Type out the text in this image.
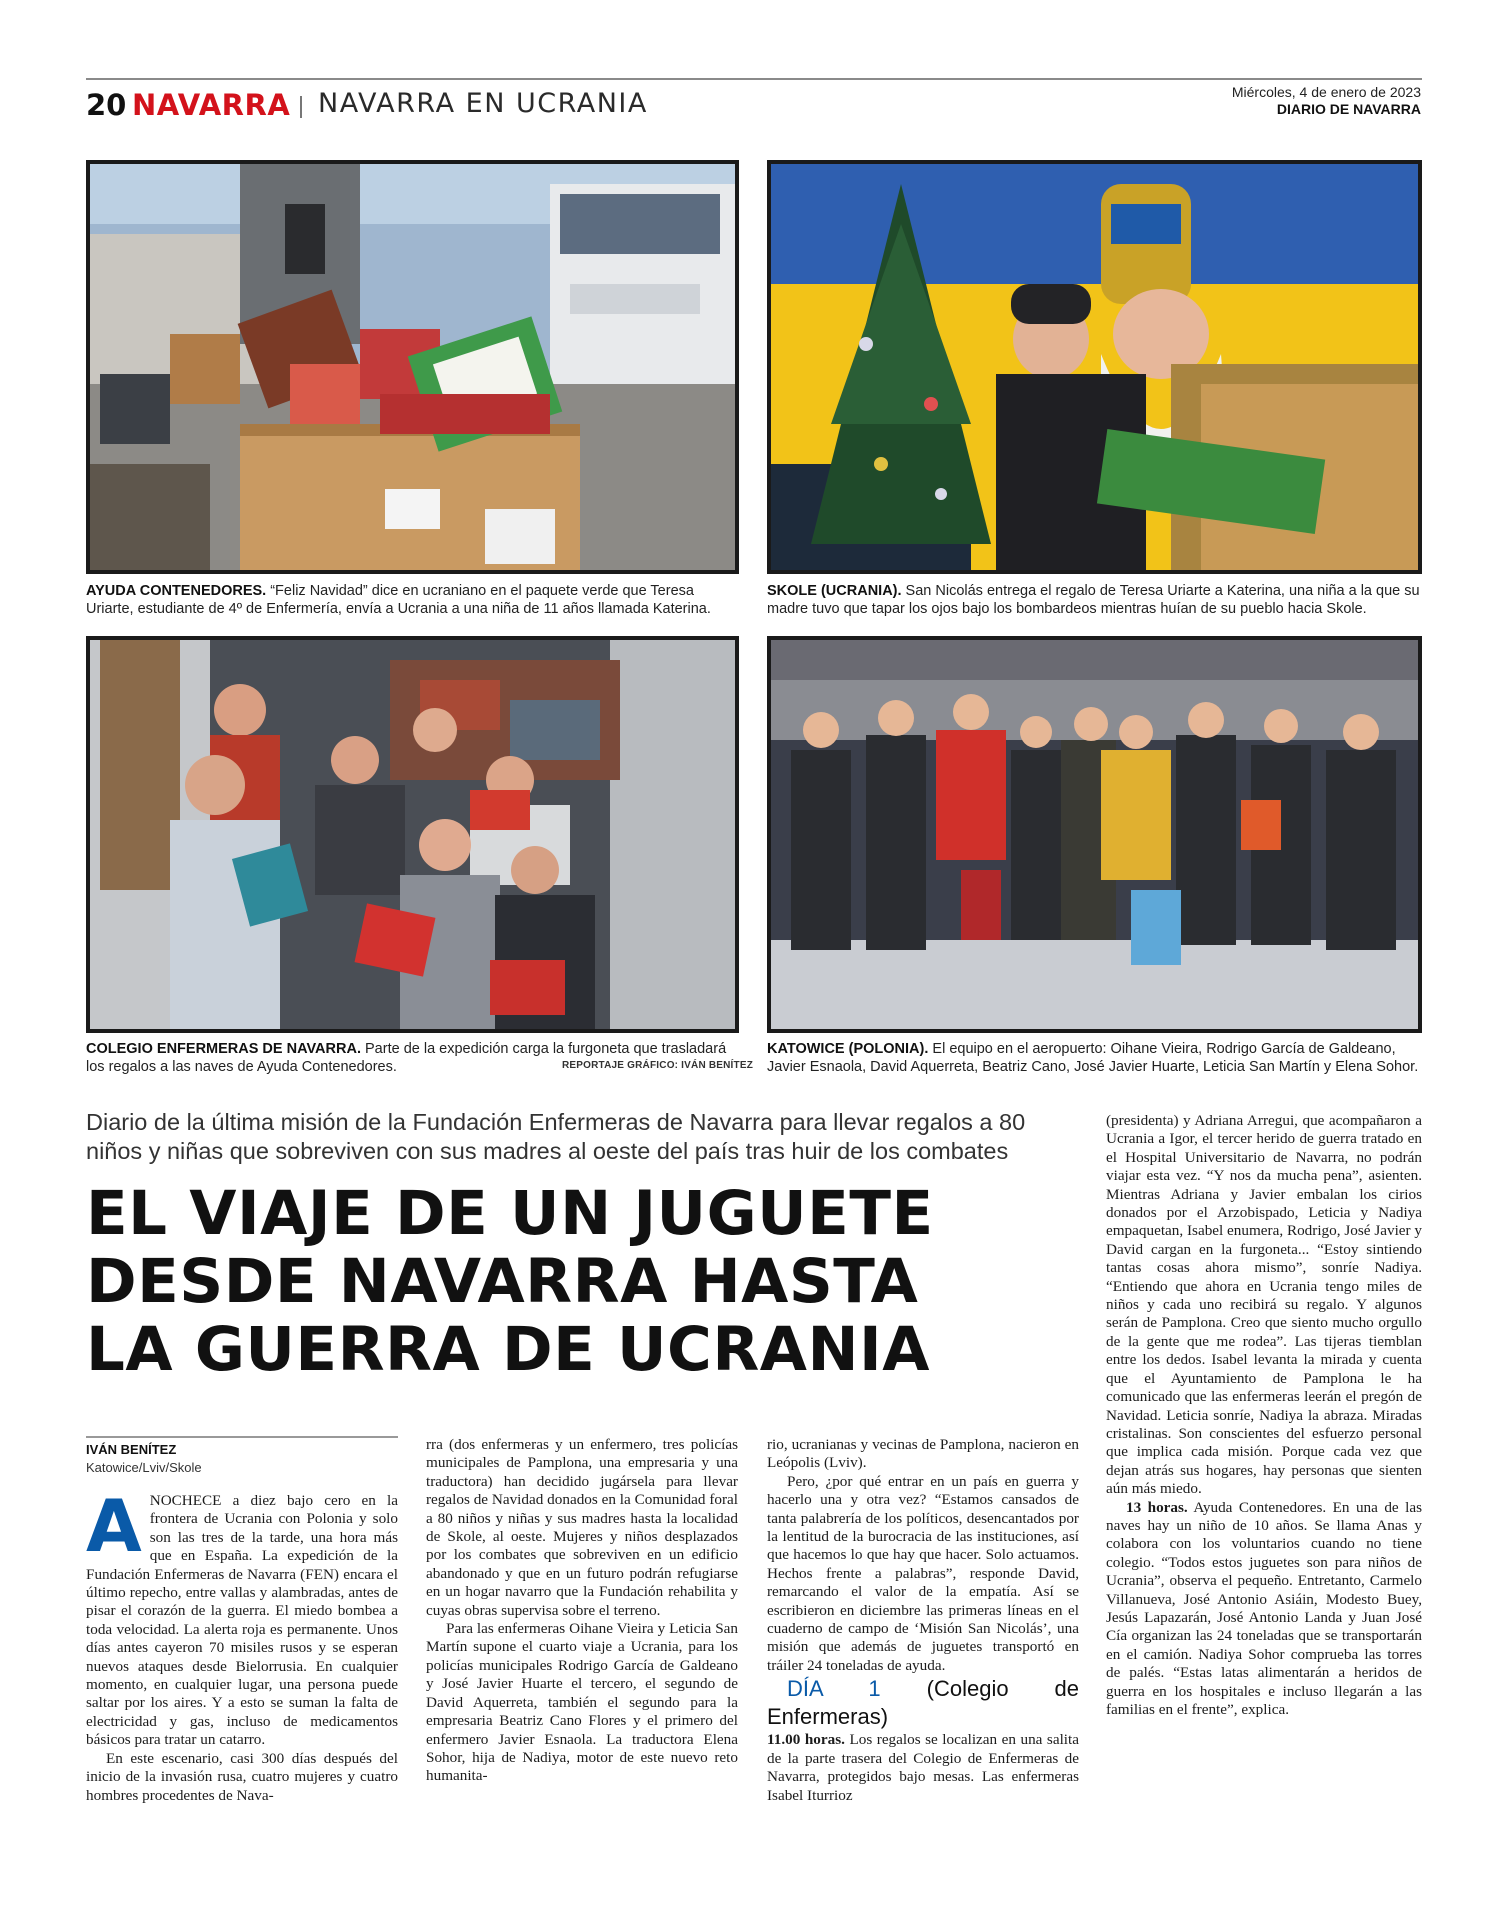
20 NAVARRA NAVARRA EN UCRANIA	Miércoles, 4 de enero de 2023
DIARIO DE NAVARRA
AYUDA CONTENEDORES. “Feliz Navidad” dice en ucraniano en el paquete verde que Teresa Uriarte, estudiante de 4º de Enfermería, envía a Ucrania a una niña de 11 años llamada Katerina.
SKOLE (UCRANIA). San Nicolás entrega el regalo de Teresa Uriarte a Katerina, una niña a la que su madre tuvo que tapar los ojos bajo los bombardeos mientras huían de su pueblo hacia Skole.
COLEGIO ENFERMERAS DE NAVARRA. Parte de la expedición carga la furgoneta que trasladará los regalos a las naves de Ayuda Contenedores.	REPORTAJE GRÁFICO: IVÁN BENÍTEZ
KATOWICE (POLONIA). El equipo en el aeropuerto: Oihane Vieira, Rodrigo García de Galdeano, Javier Esnaola, David Aquerreta, Beatriz Cano, José Javier Huarte, Leticia San Martín y Elena Sohor.
Diario de la última misión de la Fundación Enfermeras de Navarra para llevar regalos a 80 niños y niñas que sobreviven con sus madres al oeste del país tras huir de los combates
EL VIAJE DE UN JUGUETE
DESDE NAVARRA HASTA
LA GUERRA DE UCRANIA
IVÁN BENÍTEZ
Katowice/Lviv/Skole
A NOCHECE a diez bajo cero en la frontera de Ucrania con Polonia y solo son las tres de la tarde, una hora más que en España. La expedición de la Fundación Enfermeras de Navarra (FEN) encara el último repecho, entre vallas y alambradas, antes de pisar el corazón de la guerra. El miedo bombea a toda velocidad. La alerta roja es permanente. Unos días antes cayeron 70 misiles rusos y se esperan nuevos ataques desde Bielorrusia. En cualquier momento, en cualquier lugar, una persona puede saltar por los aires. Y a esto se suman la falta de electricidad y gas, incluso de medicamentos básicos para tratar un catarro.

En este escenario, casi 300 días después del inicio de la invasión rusa, cuatro mujeres y cuatro hombres procedentes de Nava-

rra (dos enfermeras y un enfermero, tres policías municipales de Pamplona, una empresaria y una traductora) han decidido jugársela para llevar regalos de Navidad donados en la Comunidad foral a 80 niños y niñas y sus madres hasta la localidad de Skole, al oeste. Mujeres y niños desplazados por los combates que sobreviven en un edificio abandonado y que en un futuro podrán refugiarse en un hogar navarro que la Fundación rehabilita y cuyas obras supervisa sobre el terreno.

Para las enfermeras Oihane Vieira y Leticia San Martín supone el cuarto viaje a Ucrania, para los policías municipales Rodrigo García de Galdeano y José Javier Huarte el tercero, el segundo de David Aquerreta, también el segundo para la empresaria Beatriz Cano Flores y el primero del enfermero Javier Esnaola. La traductora Elena Sohor, hija de Nadiya, motor de este nuevo reto humanita-

rio, ucranianas y vecinas de Pamplona, nacieron en Leópolis (Lviv).

Pero, ¿por qué entrar en un país en guerra y hacerlo una y otra vez? “Estamos cansados de tanta palabrería de los políticos, desencantados por la lentitud de la burocracia de las instituciones, así que hacemos lo que hay que hacer. Solo actuamos. Hechos frente a palabras”, responde David, remarcando el valor de la empatía. Así se escribieron en diciembre las primeras líneas en el cuaderno de campo de ‘Misión San Nicolás’, una misión que además de juguetes transportó en tráiler 24 toneladas de ayuda.

DÍA 1 (Colegio de Enfermeras)

11.00 horas. Los regalos se localizan en una salita de la parte trasera del Colegio de Enfermeras de Navarra, protegidos bajo mesas. Las enfermeras Isabel Iturrioz

(presidenta) y Adriana Arregui, que acompañaron a Ucrania a Igor, el tercer herido de guerra tratado en el Hospital Universitario de Navarra, no podrán viajar esta vez. “Y nos da mucha pena”, asienten. Mientras Adriana y Javier embalan los cirios donados por el Arzobispado, Leticia y Nadiya empaquetan, Isabel enumera, Rodrigo, José Javier y David cargan en la furgoneta... “Estoy sintiendo tantas cosas ahora mismo”, sonríe Nadiya. “Entiendo que ahora en Ucrania tengo miles de niños y cada uno recibirá su regalo. Y algunos serán de Pamplona. Creo que siento mucho orgullo de la gente que me rodea”. Las tijeras tiemblan entre los dedos. Isabel levanta la mirada y cuenta que el Ayuntamiento de Pamplona le ha comunicado que las enfermeras leerán el pregón de Navidad. Leticia sonríe, Nadiya la abraza. Miradas cristalinas. Son conscientes del esfuerzo personal que implica cada misión. Porque cada vez que dejan atrás sus hogares, hay personas que sienten aún más miedo.

13 horas. Ayuda Contenedores. En una de las naves hay un niño de 10 años. Se llama Anas y colabora con los voluntarios cuando no tiene colegio. “Todos estos juguetes son para niños de Ucrania”, observa el pequeño. Entretanto, Carmelo Villanueva, José Antonio Asiáin, Modesto Buey, Jesús Lapazarán, José Antonio Landa y Juan José Cía organizan las 24 toneladas que se transportarán en el camión. Nadiya Sohor comprueba las torres de palés. “Estas latas alimentarán a heridos de guerra en los hospitales e incluso llegarán a las familias en el frente”, explica.
